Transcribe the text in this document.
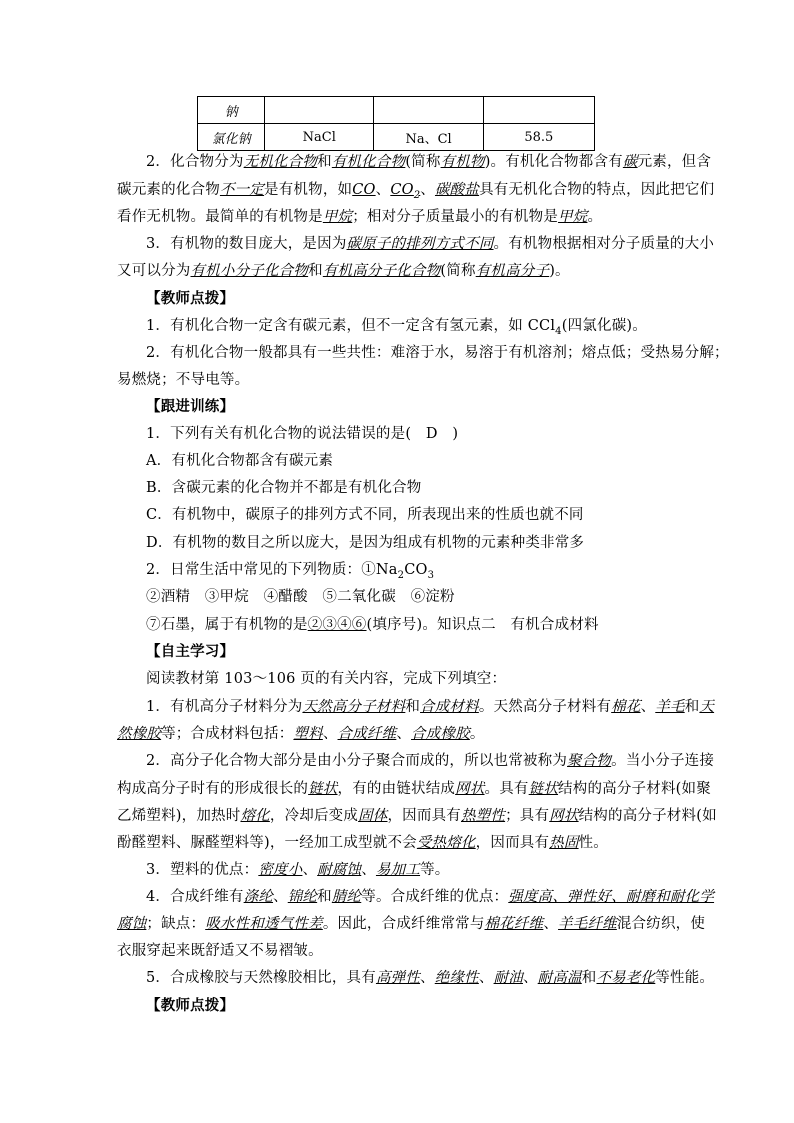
钠			
氯化钠	NaCl	Na、Cl	58.5
2．化合物分为无机化合物和有机化合物(简称有机物)。有机化合物都含有碳元素，但含
碳元素的化合物不一定是有机物，如CO、$CO_2$、碳酸盐具有无机化合物的特点，因此把它们
看作无机物。最简单的有机物是甲烷；相对分子质量最小的有机物是甲烷。
3．有机物的数目庞大，是因为碳原子的排列方式不同。有机物根据相对分子质量的大小
又可以分为有机小分子化合物和有机高分子化合物(简称有机高分子)。
【教师点拨】
1．有机化合物一定含有碳元素，但不一定含有氢元素，如 CCl$_4$(四氯化碳)。
2．有机化合物一般都具有一些共性：难溶于水，易溶于有机溶剂；熔点低；受热易分解；
易燃烧；不导电等。
【跟进训练】
1．下列有关有机化合物的说法错误的是(　D　)
A．有机化合物都含有碳元素
B．含碳元素的化合物并不都是有机化合物
C．有机物中，碳原子的排列方式不同，所表现出来的性质也就不同
D．有机物的数目之所以庞大，是因为组成有机物的元素种类非常多
2．日常生活中常见的下列物质：$①Na_2CO_3$
②酒精　③甲烷　④醋酸　⑤二氧化碳　⑥淀粉
⑦石墨，属于有机物的是②③④⑥(填序号)。知识点二　有机合成材料
【自主学习】
阅读教材第 103～106 页的有关内容，完成下列填空：
1．有机高分子材料分为天然高分子材料和合成材料。天然高分子材料有棉花、羊毛和天
然橡胶等；合成材料包括：塑料、合成纤维、合成橡胶。
2．高分子化合物大部分是由小分子聚合而成的，所以也常被称为聚合物。当小分子连接
构成高分子时有的形成很长的链状，有的由链状结成网状。具有链状结构的高分子材料(如聚
乙烯塑料)，加热时熔化，冷却后变成固体，因而具有热塑性；具有网状结构的高分子材料(如
酚醛塑料、脲醛塑料等)，一经加工成型就不会受热熔化，因而具有热固性。
3．塑料的优点：密度小、耐腐蚀、易加工等。
4．合成纤维有涤纶、锦纶和腈纶等。合成纤维的优点：强度高、弹性好、耐磨和耐化学
腐蚀；缺点：吸水性和透气性差。因此，合成纤维常常与棉花纤维、羊毛纤维混合纺织，使
衣服穿起来既舒适又不易褶皱。
5．合成橡胶与天然橡胶相比，具有高弹性、绝缘性、耐油、耐高温和不易老化等性能。
【教师点拨】
